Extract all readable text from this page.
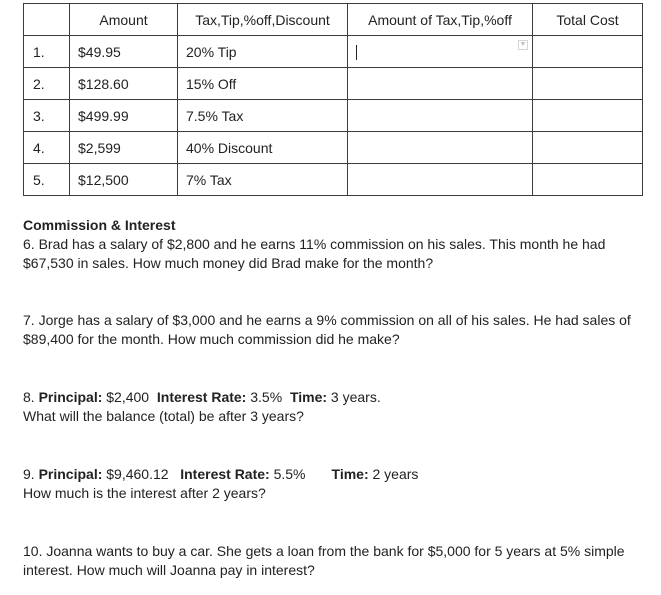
	Amount	Tax,Tip,%off,Discount	Amount of Tax,Tip,%off	Total Cost
1.	$49.95	20% Tip	▼	

2.	$128.60	15% Off		
3.	$499.99	7.5% Tax		
4.	$2,599	40% Discount		
5.	$12,500	7% Tax		

Commission & Interest

6. Brad has a salary of $2,800 and he earns 11% commission on his sales. This month he had $67,530 in sales. How much money did Brad make for the month?

7. Jorge has a salary of $3,000 and he earns a 9% commission on all of his sales. He had sales of $89,400 for the month. How much commission did he make?

8. Principal: $2,400 Interest Rate: 3.5% Time: 3 years.

What will the balance (total) be after 3 years?

9. Principal: $9,460.12 Interest Rate: 5.5% Time: 2 years

How much is the interest after 2 years?

10. Joanna wants to buy a car. She gets a loan from the bank for $5,000 for 5 years at 5% simple interest. How much will Joanna pay in interest?
